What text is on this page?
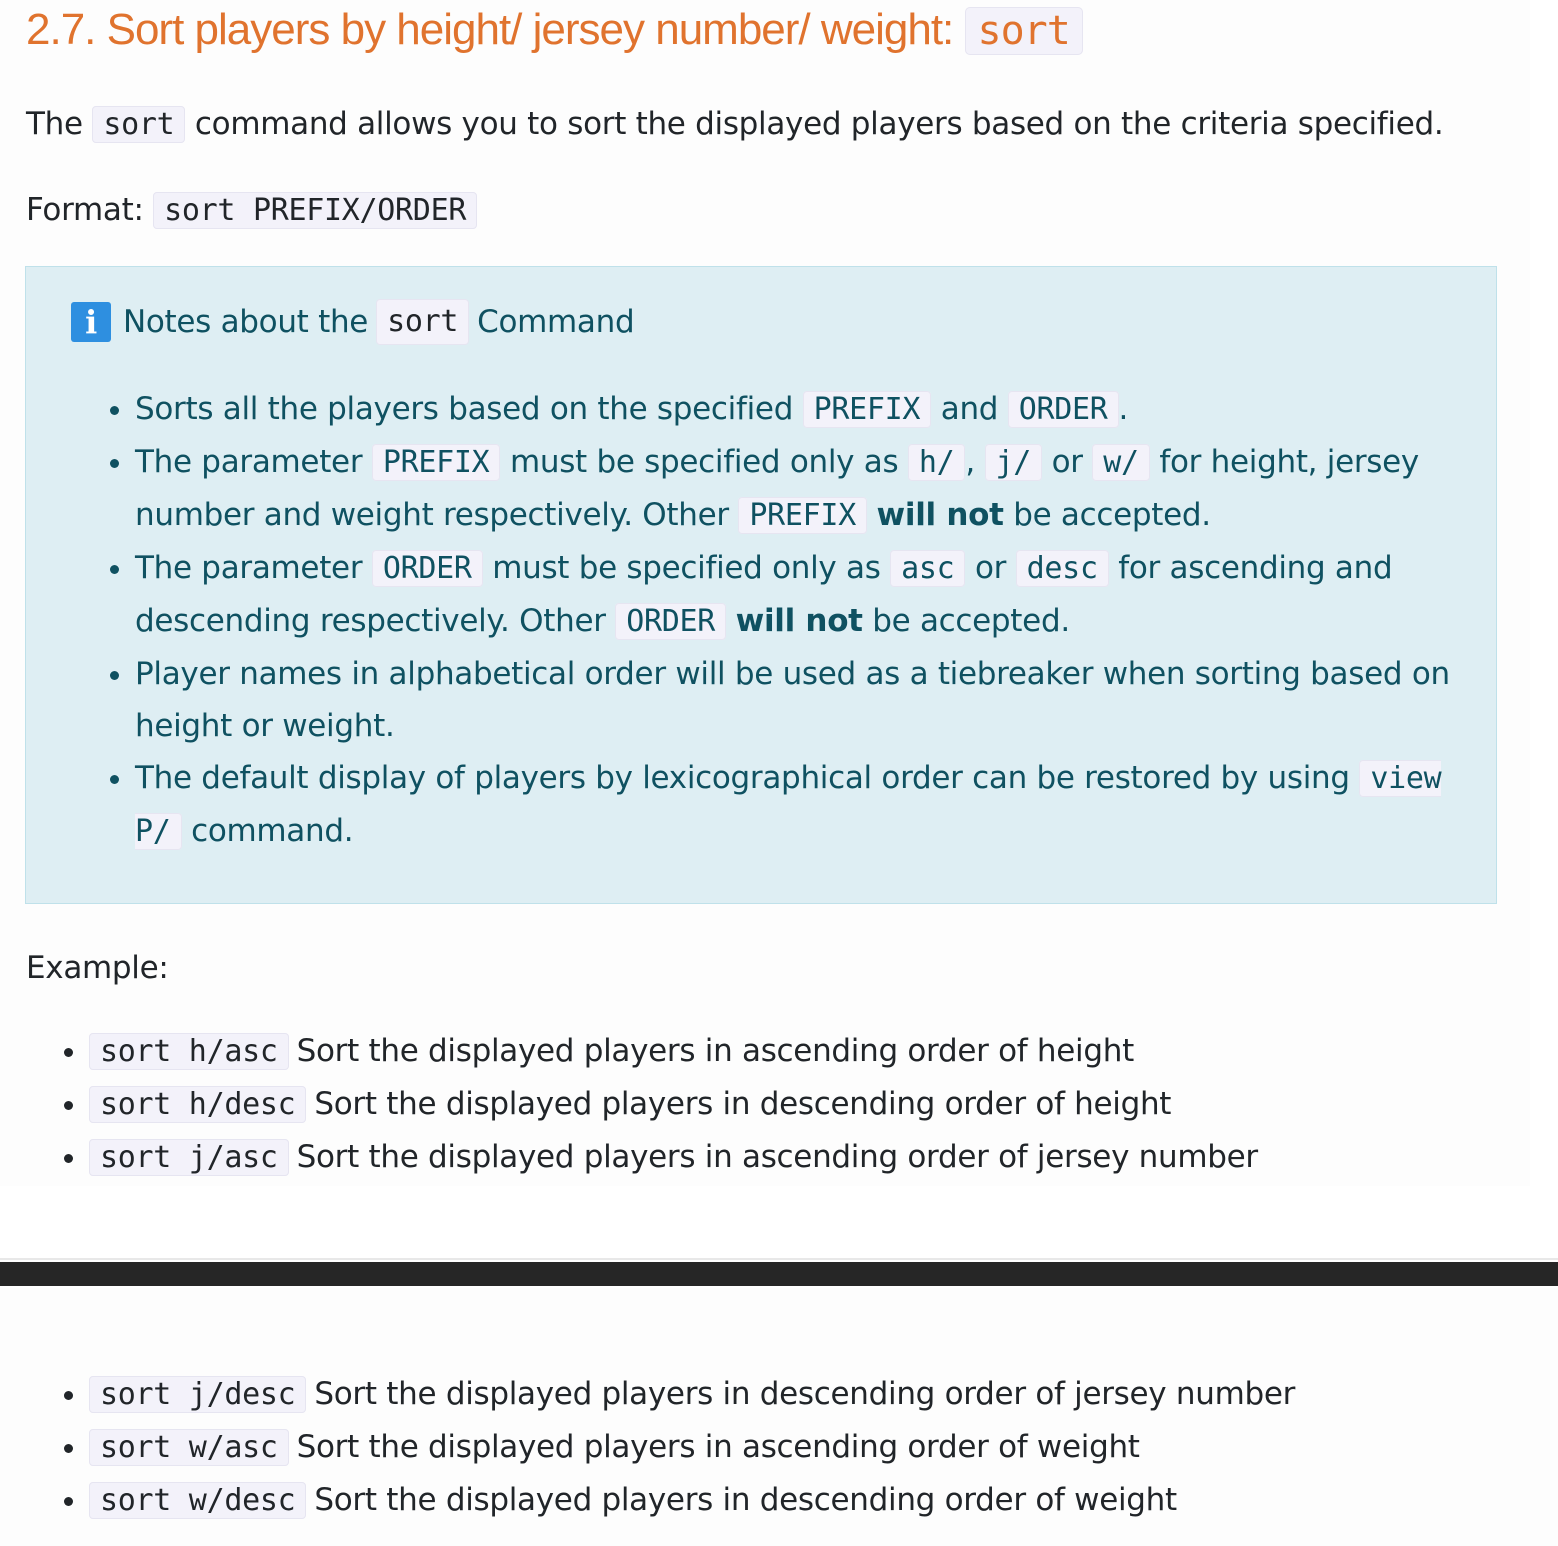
2.7. Sort players by height/ jersey number/ weight: sort

The sort command allows you to sort the displayed players based on the criteria specified.

Format: sort PREFIX/ORDER

i Notes about the sort Command
• Sorts all the players based on the specified PREFIX and ORDER .
• The parameter PREFIX must be specified only as h/ , j/ or w/ for height, jersey number and weight respectively. Other PREFIX will not be accepted.
• The parameter ORDER must be specified only as asc or desc for ascending and descending respectively. Other ORDER will not be accepted.
• Player names in alphabetical order will be used as a tiebreaker when sorting based on height or weight.
• The default display of players by lexicographical order can be restored by using view P/ command.

Example:

• sort h/asc Sort the displayed players in ascending order of height
• sort h/desc Sort the displayed players in descending order of height
• sort j/asc Sort the displayed players in ascending order of jersey number
• sort j/desc Sort the displayed players in descending order of jersey number
• sort w/asc Sort the displayed players in ascending order of weight
• sort w/desc Sort the displayed players in descending order of weight
